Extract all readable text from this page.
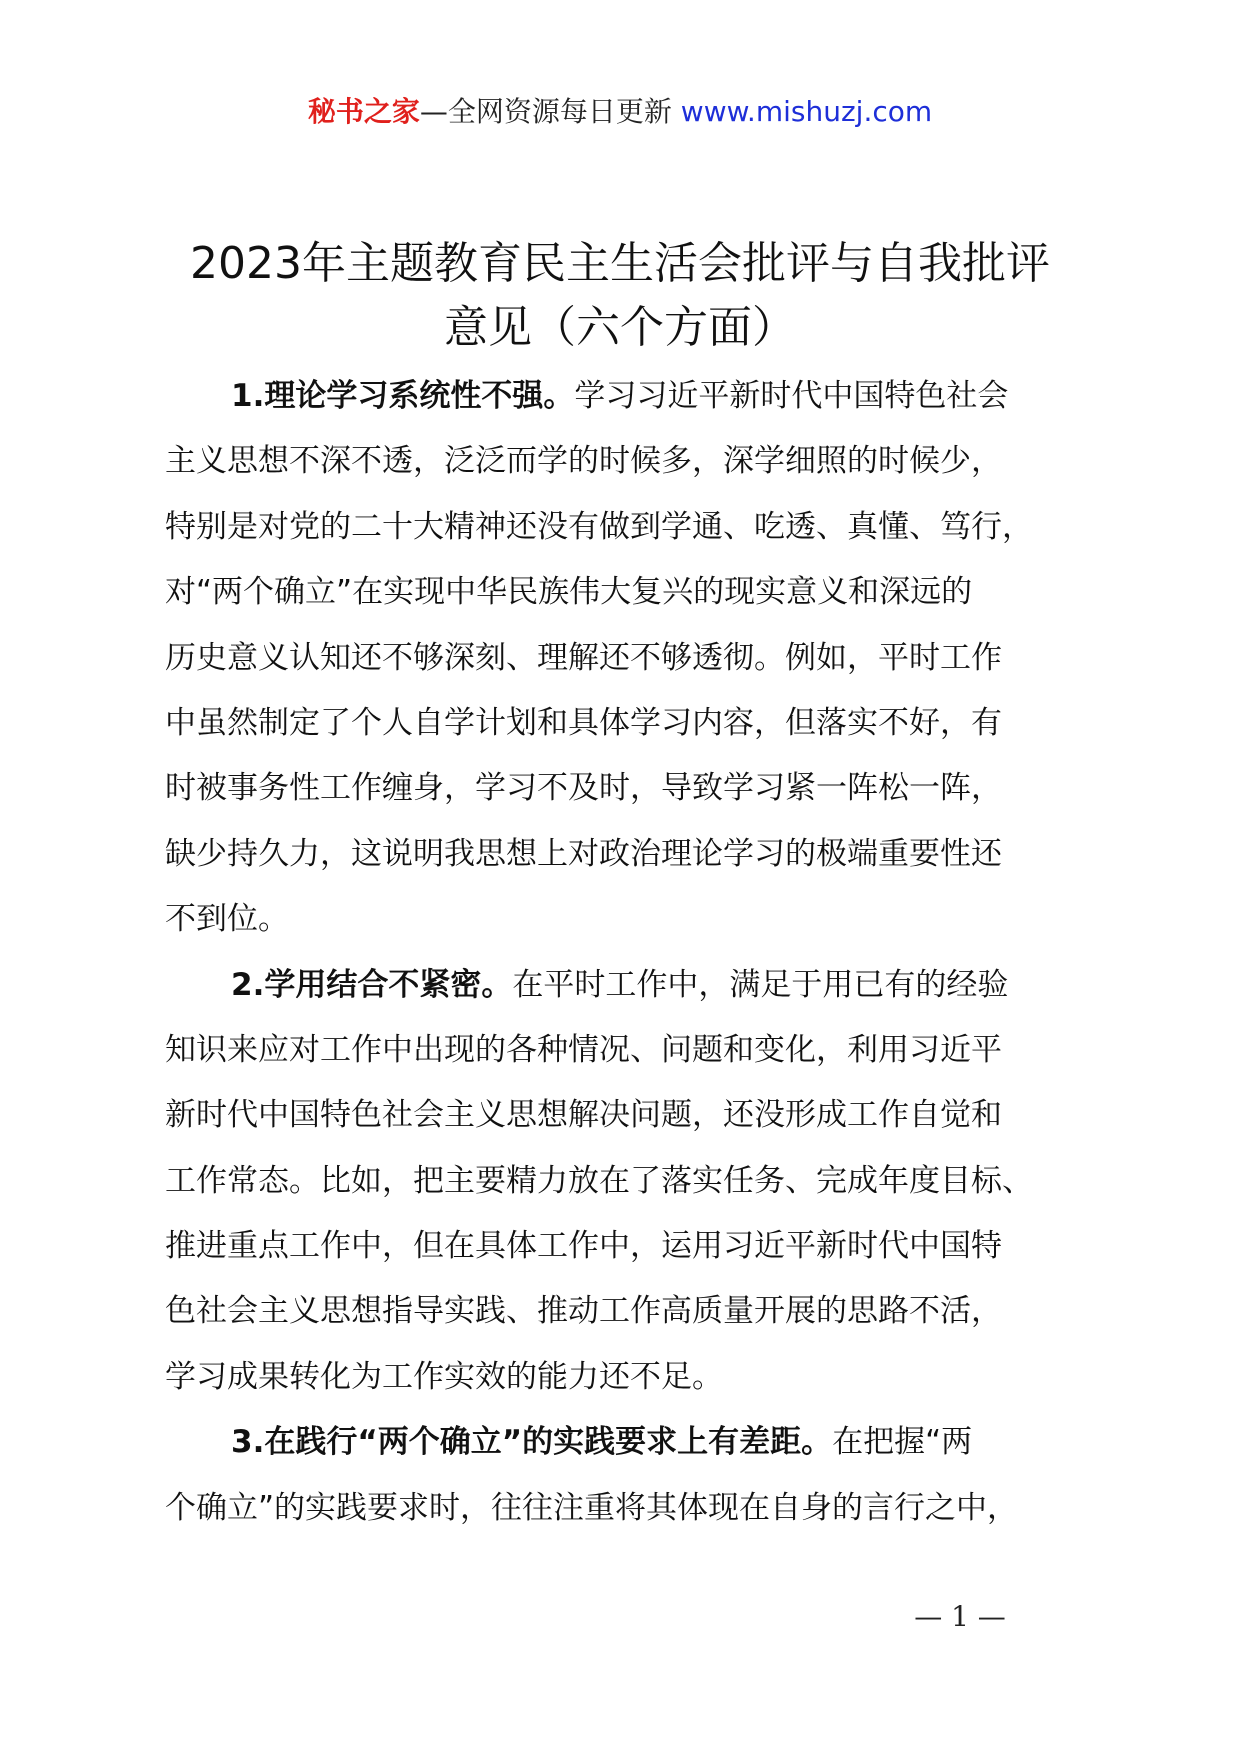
秘书之家—全网资源每日更新 www.mishuzj.com
2023年主题教育民主生活会批评与自我批评
意见（六个方面）
1.理论学习系统性不强。学习习近平新时代中国特色社会
主义思想不深不透，泛泛而学的时候多，深学细照的时候少，
特别是对党的二十大精神还没有做到学通、吃透、真懂、笃行，
对“两个确立”在实现中华民族伟大复兴的现实意义和深远的
历史意义认知还不够深刻、理解还不够透彻。例如，平时工作
中虽然制定了个人自学计划和具体学习内容，但落实不好，有
时被事务性工作缠身，学习不及时，导致学习紧一阵松一阵，
缺少持久力，这说明我思想上对政治理论学习的极端重要性还
不到位。
2.学用结合不紧密。在平时工作中，满足于用已有的经验
知识来应对工作中出现的各种情况、问题和变化，利用习近平
新时代中国特色社会主义思想解决问题，还没形成工作自觉和
工作常态。比如，把主要精力放在了落实任务、完成年度目标、
推进重点工作中，但在具体工作中，运用习近平新时代中国特
色社会主义思想指导实践、推动工作高质量开展的思路不活，
学习成果转化为工作实效的能力还不足。
3.在践行“两个确立”的实践要求上有差距。在把握“两
个确立”的实践要求时，往往注重将其体现在自身的言行之中，
— 1 —
